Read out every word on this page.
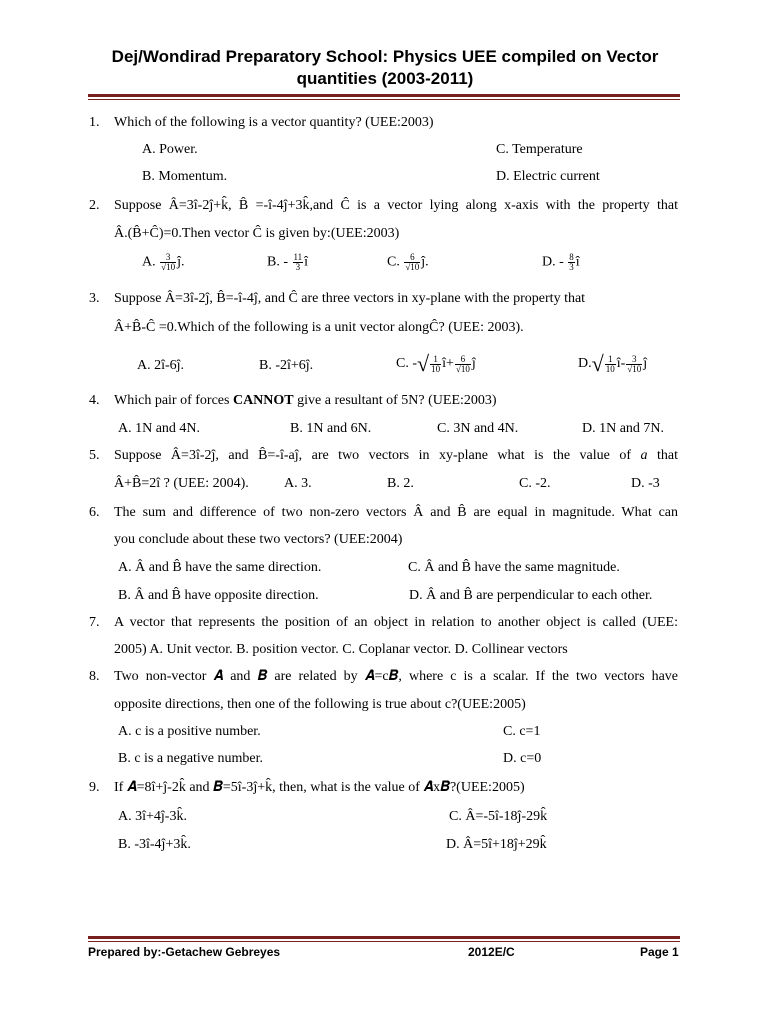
Dej/Wondirad Preparatory School: Physics UEE compiled on Vector quantities (2003-2011)
1. Which of the following is a vector quantity? (UEE:2003)
A. Power.	C. Temperature
B. Momentum.	D. Electric current
2. Suppose Â=3î-2ĵ+k̂, B̂ =-î-4ĵ+3k̂,and Ĉ is a vector lying along x-axis with the property that
Â.(B̂+Ĉ)=0.Then vector Ĉ is given by:(UEE:2003)
A. $\frac{3}{√10}$ ĵ.	B. - $\frac{11}{3}$ î	C. $\frac{6}{√10}$ ĵ.	D. - $\frac{8}{3}$ î
3. Suppose Â=3î-2ĵ, B̂=-î-4ĵ, and Ĉ are three vectors in xy-plane with the property that
Â+B̂-Ĉ =0.Which of the following is a unit vector alongĈ? (UEE: 2003).
A. 2î-6ĵ.	B. -2î+6ĵ.	C. -√ $\frac{1}{10}$ î+ $\frac{6}{√10}$ ĵ	$D.√ \frac{1}{10}$ î- $\frac{3}{√10}$ ĵ
4. Which pair of forces CANNOT give a resultant of 5N? (UEE:2003)
A. 1N and 4N.	B. 1N and 6N.	C. 3N and 4N.	D. 1N and 7N.
5. Suppose Â=3î-2ĵ, and B̂=-î-aĵ, are two vectors in xy-plane what is the value of a that
Â+B̂=2î ? (UEE: 2004).	A. 3.	B. 2.	C. -2.	D. -3
6. The sum and difference of two non-zero vectors Â and B̂ are equal in magnitude. What can
you conclude about these two vectors? (UEE:2004)
A. Â and B̂ have the same direction.	C. Â and B̂ have the same magnitude.
B. Â and B̂ have opposite direction.	D. Â and B̂ are perpendicular to each other.
7. A vector that represents the position of an object in relation to another object is called (UEE:
2005) A. Unit vector. B. position vector. C. Coplanar vector. D. Collinear vectors
8. Two non-vector 𝑨̂ and 𝑩̂ are related by 𝑨̂=c𝑩̂, where c is a scalar. If the two vectors have
opposite directions, then one of the following is true about c?(UEE:2005)
A. c is a positive number.	C. c=1
B. c is a negative number.	D. c=0
9. If 𝑨̂=8î+ĵ-2k̂ and 𝑩̂=5î-3ĵ+k̂, then, what is the value of 𝑨̂x𝑩̂?(UEE:2005)
A. 3î+4ĵ-3k̂.	C. Â=-5î-18ĵ-29k̂
B. -3î-4ĵ+3k̂.	D. Â=5î+18ĵ+29k̂
Prepared by:-Getachew Gebreyes	2012E/C	Page 1
